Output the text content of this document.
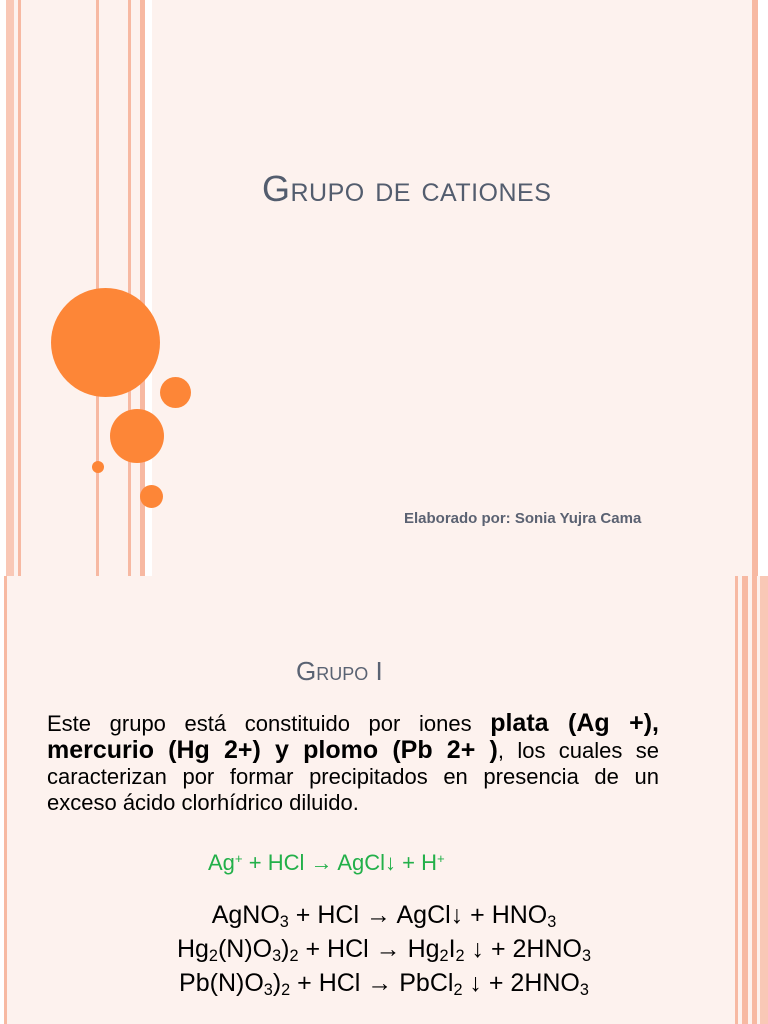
Grupo de cationes
Elaborado por: Sonia Yujra Cama
Grupo I
Este grupo está constituido por iones plata (Ag +), mercurio (Hg 2+) y plomo (Pb 2+ ), los cuales se caracterizan por formar precipitados en presencia de un exceso ácido clorhídrico diluido.
Ag+ + HCl → AgCl↓ + H+
AgNO$_3$ + HCl → AgCl↓ + $HNO_3$
$Hg_2(N)O_3)_2$ + HCl → $Hg_2I_2$ ↓ + $2HNO_3$
$Pb(N)O_3)_2$ + HCl → PbCl$_2$ ↓ + $2HNO_3$
